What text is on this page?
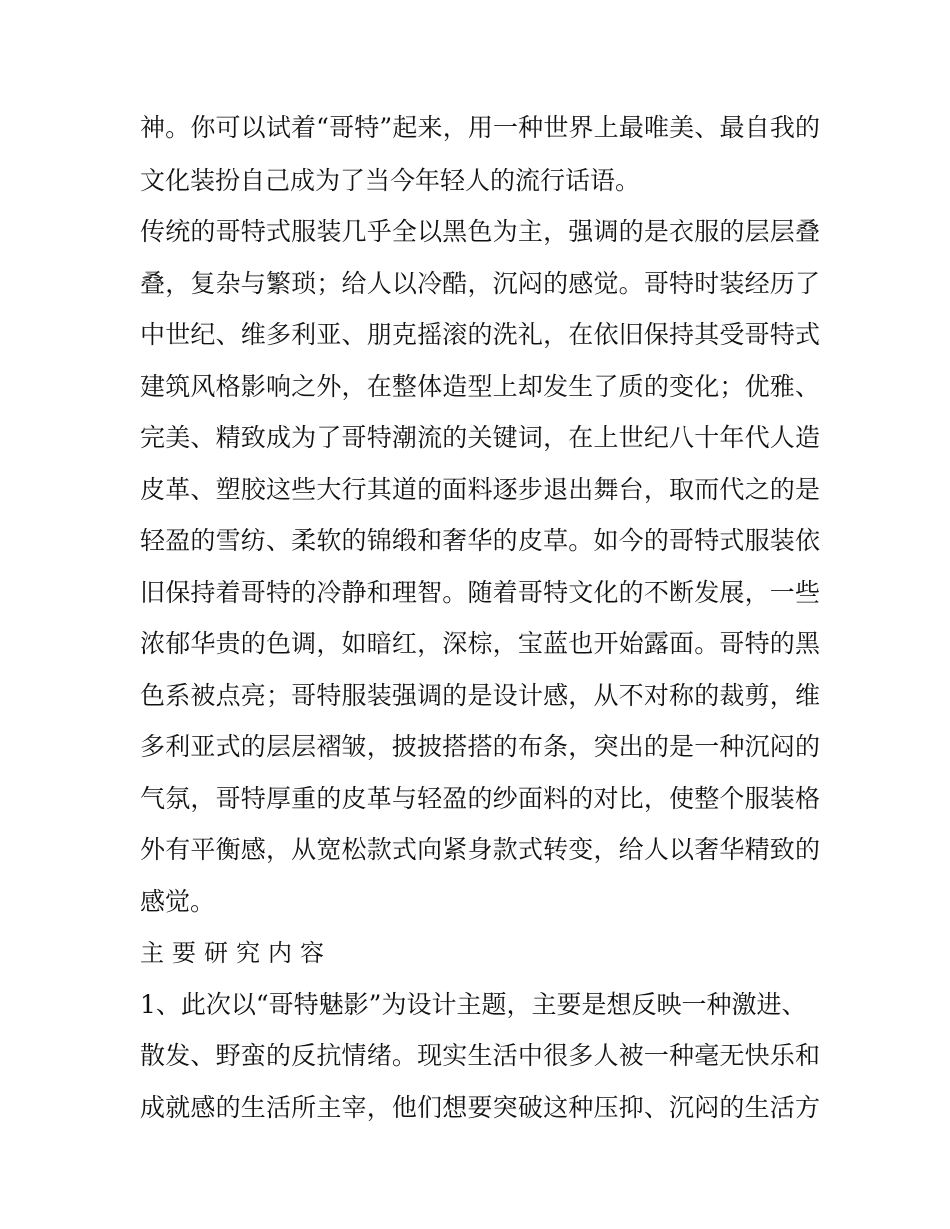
神。你可以试着“哥特”起来，用一种世界上最唯美、最自我的
文化装扮自己成为了当今年轻人的流行话语。
传统的哥特式服装几乎全以黑色为主，强调的是衣服的层层叠
叠，复杂与繁琐；给人以冷酷，沉闷的感觉。哥特时装经历了
中世纪、维多利亚、朋克摇滚的洗礼，在依旧保持其受哥特式
建筑风格影响之外，在整体造型上却发生了质的变化；优雅、
完美、精致成为了哥特潮流的关键词，在上世纪八十年代人造
皮革、塑胶这些大行其道的面料逐步退出舞台，取而代之的是
轻盈的雪纺、柔软的锦缎和奢华的皮草。如今的哥特式服装依
旧保持着哥特的冷静和理智。随着哥特文化的不断发展，一些
浓郁华贵的色调，如暗红，深棕，宝蓝也开始露面。哥特的黑
色系被点亮；哥特服装强调的是设计感，从不对称的裁剪，维
多利亚式的层层褶皱，披披搭搭的布条，突出的是一种沉闷的
气氛，哥特厚重的皮革与轻盈的纱面料的对比，使整个服装格
外有平衡感，从宽松款式向紧身款式转变，给人以奢华精致的
感觉。
主要研究内容
1、此次以“哥特魅影”为设计主题，主要是想反映一种激进、
散发、野蛮的反抗情绪。现实生活中很多人被一种毫无快乐和
成就感的生活所主宰，他们想要突破这种压抑、沉闷的生活方
